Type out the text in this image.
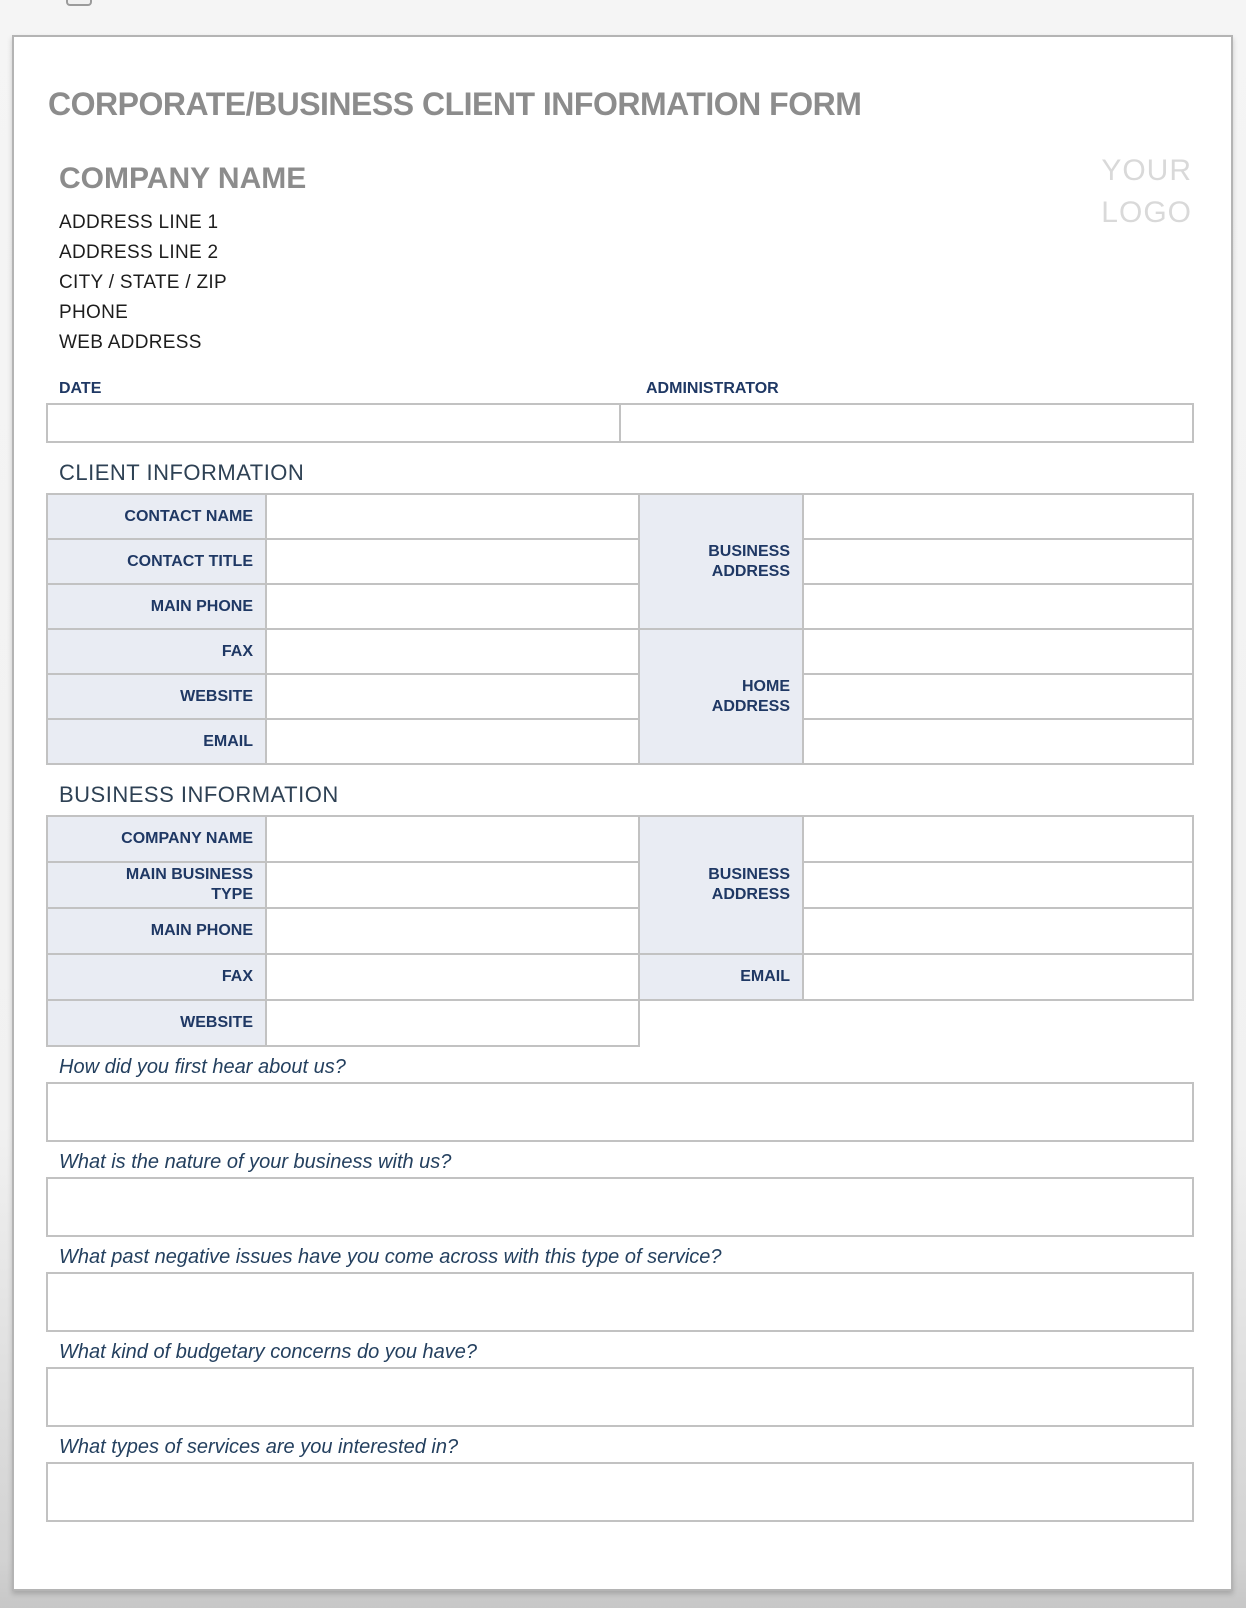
YOUR
LOGO
CORPORATE/BUSINESS CLIENT INFORMATION FORM
COMPANY NAME
ADDRESS LINE 1
ADDRESS LINE 2
CITY / STATE / ZIP
PHONE
WEB ADDRESS
DATE	ADMINISTRATOR

CLIENT INFORMATION
CONTACT NAME		BUSINESS ADDRESS	

CONTACT TITLE			

MAIN PHONE			

FAX		HOME ADDRESS	

WEBSITE			

EMAIL			

BUSINESS INFORMATION
COMPANY NAME		BUSINESS ADDRESS	

MAIN BUSINESS TYPE			

MAIN PHONE			

FAX		EMAIL	

WEBSITE			

How did you first hear about us?
What is the nature of your business with us?
What past negative issues have you come across with this type of service?
What kind of budgetary concerns do you have?
What types of services are you interested in?
